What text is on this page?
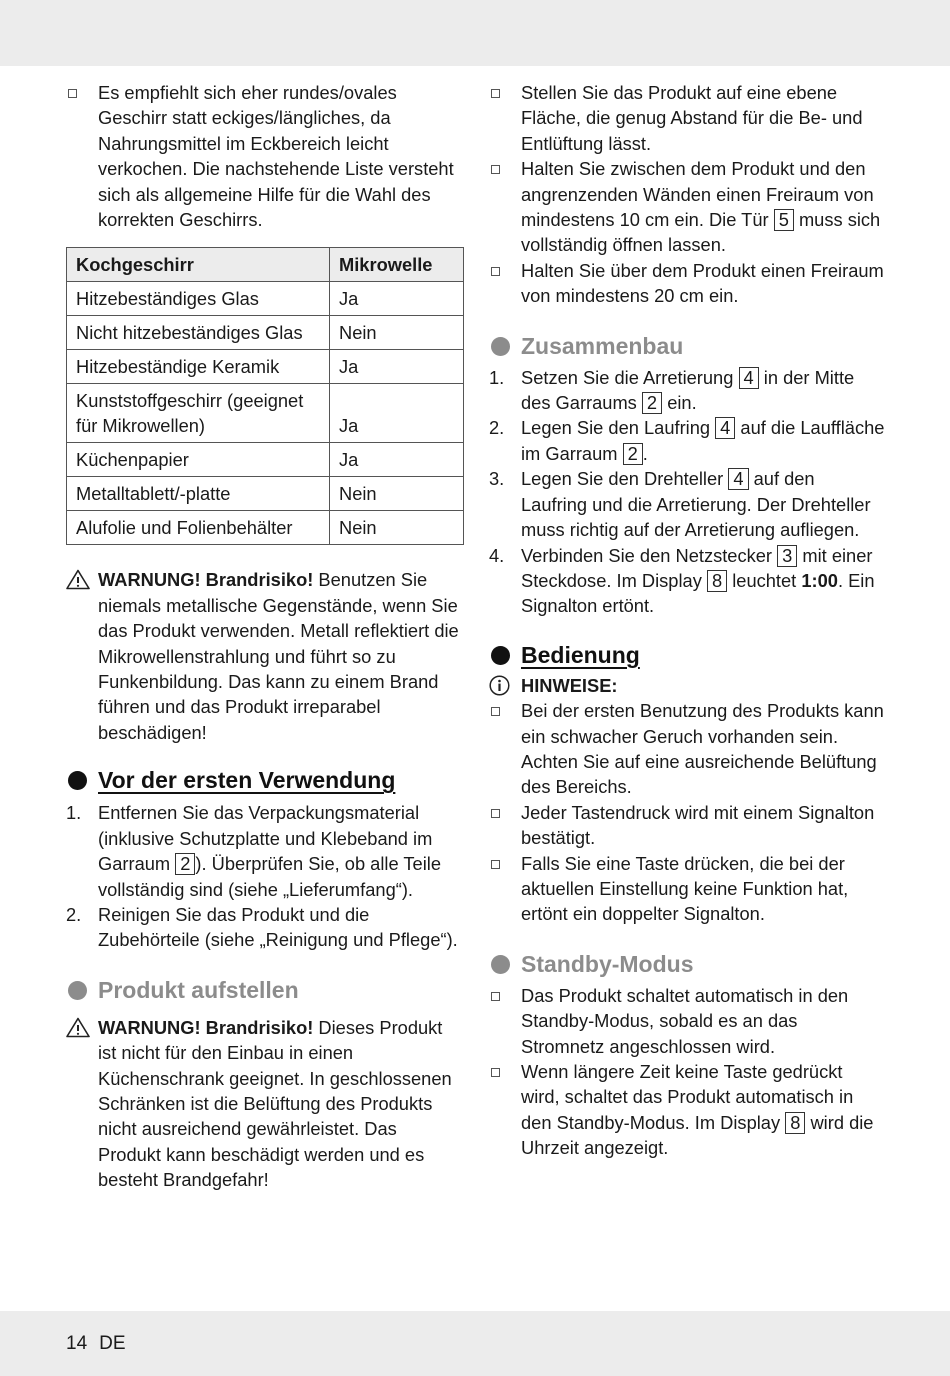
Es empfiehlt sich eher rundes/ovales Geschirr statt eckiges/längliches, da Nahrungsmittel im Eckbereich leicht verkochen. Die nachstehende Liste versteht sich als allgemeine Hilfe für die Wahl des korrekten Geschirrs.
Kochgeschirr	Mikrowelle
Hitzebeständiges Glas	Ja
Nicht hitzebeständiges Glas	Nein
Hitzebeständige Keramik	Ja
Kunststoffgeschirr (geeignet für Mikrowellen)	Ja
Küchenpapier	Ja
Metalltablett/-platte	Nein
Alufolie und Folienbehälter	Nein
WARNUNG! Brandrisiko! Benutzen Sie niemals metallische Gegenstände, wenn Sie das Produkt verwenden. Metall reflektiert die Mikrowellenstrahlung und führt so zu Funkenbildung. Das kann zu einem Brand führen und das Produkt irreparabel beschädigen!
Vor der ersten Verwendung
1. Entfernen Sie das Verpackungsmaterial (inklusive Schutzplatte und Klebeband im Garraum 2 ). Überprüfen Sie, ob alle Teile vollständig sind (siehe „Lieferumfang“).
2. Reinigen Sie das Produkt und die Zubehörteile (siehe „Reinigung und Pflege“).
Produkt aufstellen
WARNUNG! Brandrisiko! Dieses Produkt ist nicht für den Einbau in einen Küchenschrank geeignet. In geschlossenen Schränken ist die Belüftung des Produkts nicht ausreichend gewährleistet. Das Produkt kann beschädigt werden und es besteht Brandgefahr!
Stellen Sie das Produkt auf eine ebene Fläche, die genug Abstand für die Be- und Entlüftung lässt.
Halten Sie zwischen dem Produkt und den angrenzenden Wänden einen Freiraum von mindestens 10 cm ein. Die Tür 5 muss sich vollständig öffnen lassen.
Halten Sie über dem Produkt einen Freiraum von mindestens 20 cm ein.
Zusammenbau
1. Setzen Sie die Arretierung 4 in der Mitte des Garraums 2 ein.
2. Legen Sie den Laufring 4 auf die Lauffläche im Garraum 2 .
3. Legen Sie den Drehteller 4 auf den Laufring und die Arretierung. Der Drehteller muss richtig auf der Arretierung aufliegen.
4. Verbinden Sie den Netzstecker 3 mit einer Steckdose. Im Display 8 leuchtet 1:00. Ein Signalton ertönt.
Bedienung
HINWEISE:
Bei der ersten Benutzung des Produkts kann ein schwacher Geruch vorhanden sein. Achten Sie auf eine ausreichende Belüftung des Bereichs.
Jeder Tastendruck wird mit einem Signalton bestätigt.
Falls Sie eine Taste drücken, die bei der aktuellen Einstellung keine Funktion hat, ertönt ein doppelter Signalton.
Standby-Modus
Das Produkt schaltet automatisch in den Standby-Modus, sobald es an das Stromnetz angeschlossen wird.
Wenn längere Zeit keine Taste gedrückt wird, schaltet das Produkt automatisch in den Standby-Modus. Im Display 8 wird die Uhrzeit angezeigt.
14 DE
